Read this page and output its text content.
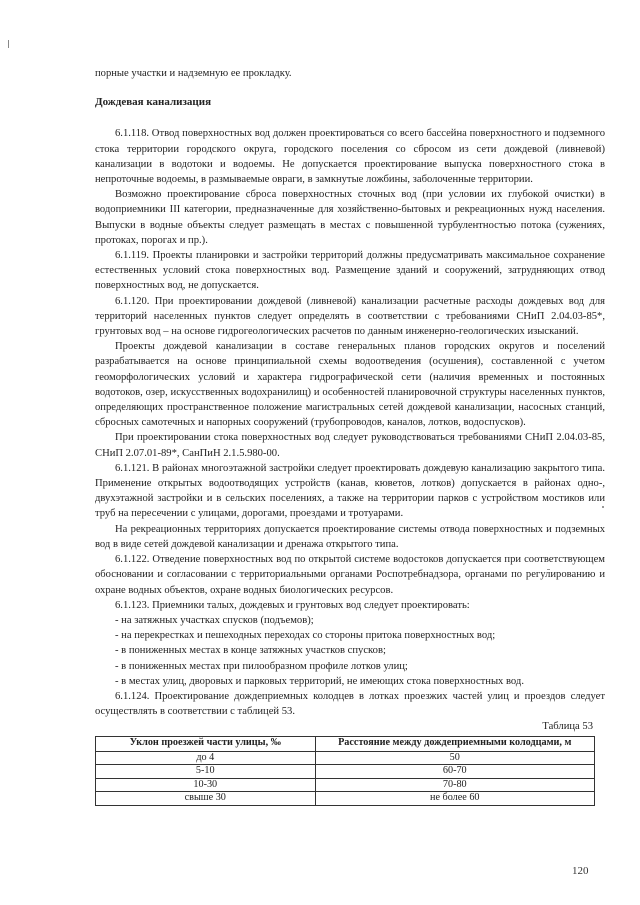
порные участки и надземную ее прокладку.

Дождевая канализация

6.1.118. Отвод поверхностных вод должен проектироваться со всего бассейна поверхностного и подземного стока территории городского округа, городского поселения со сбросом из сети дождевой (ливневой) канализации в водотоки и водоемы. Не допускается проектирование выпуска поверхностного стока в непроточные водоемы, в размываемые овраги, в замкнутые ложбины, заболоченные территории.

Возможно проектирование сброса поверхностных сточных вод (при условии их глубокой очистки) в водоприемники III категории, предназначенные для хозяйственно-бытовых и рекреационных нужд населения. Выпуски в водные объекты следует размещать в местах с повышенной турбулентностью потока (сужениях, протоках, порогах и пр.).

6.1.119. Проекты планировки и застройки территорий должны предусматривать максимальное сохранение естественных условий стока поверхностных вод. Размещение зданий и сооружений, затрудняющих отвод поверхностных вод, не допускается.

6.1.120. При проектировании дождевой (ливневой) канализации расчетные расходы дождевых вод для территорий населенных пунктов следует определять в соответствии с требованиями СНиП 2.04.03-85*, грунтовых вод – на основе гидрогеологических расчетов по данным инженерно-геологических изысканий.

Проекты дождевой канализации в составе генеральных планов городских округов и поселений разрабатывается на основе принципиальной схемы водоотведения (осушения), составленной с учетом геоморфологических условий и характера гидрографической сети (наличия временных и постоянных водотоков, озер, искусственных водохранилищ) и особенностей планировочной структуры населенных пунктов, определяющих пространственное положение магистральных сетей дождевой канализации, насосных станций, сбросных самотечных и напорных сооружений (трубопроводов, каналов, лотков, водоспусков).

При проектировании стока поверхностных вод следует руководствоваться требованиями СНиП 2.04.03-85, СНиП 2.07.01-89*, СанПиН 2.1.5.980-00.

6.1.121. В районах многоэтажной застройки следует проектировать дождевую канализацию закрытого типа. Применение открытых водоотводящих устройств (канав, кюветов, лотков) допускается в районах одно-, двухэтажной застройки и в сельских поселениях, а также на территории парков с устройством мостиков или труб на пересечении с улицами, дорогами, проездами и тротуарами.

На рекреационных территориях допускается проектирование системы отвода поверхностных и подземных вод в виде сетей дождевой канализации и дренажа открытого типа.

6.1.122. Отведение поверхностных вод по открытой системе водостоков допускается при соответствующем обосновании и согласовании с территориальными органами Роспотребнадзора, органами по регулированию и охране водных объектов, охране водных биологических ресурсов.

6.1.123. Приемники талых, дождевых и грунтовых вод следует проектировать:

- на затяжных участках спусков (подъемов);

- на перекрестках и пешеходных переходах со стороны притока поверхностных вод;

- в пониженных местах в конце затяжных участков спусков;

- в пониженных местах при пилообразном профиле лотков улиц;

- в местах улиц, дворовых и парковых территорий, не имеющих стока поверхностных вод.

6.1.124. Проектирование дождеприемных колодцев в лотках проезжих частей улиц и проездов следует осуществлять в соответствии с таблицей 53.

Таблица 53

Уклон проезжей части улицы, ‰	Расстояние между дождеприемными колодцами, м
до 4	50
5-10	60-70
10-30	70-80
свыше 30	не более 60
120
